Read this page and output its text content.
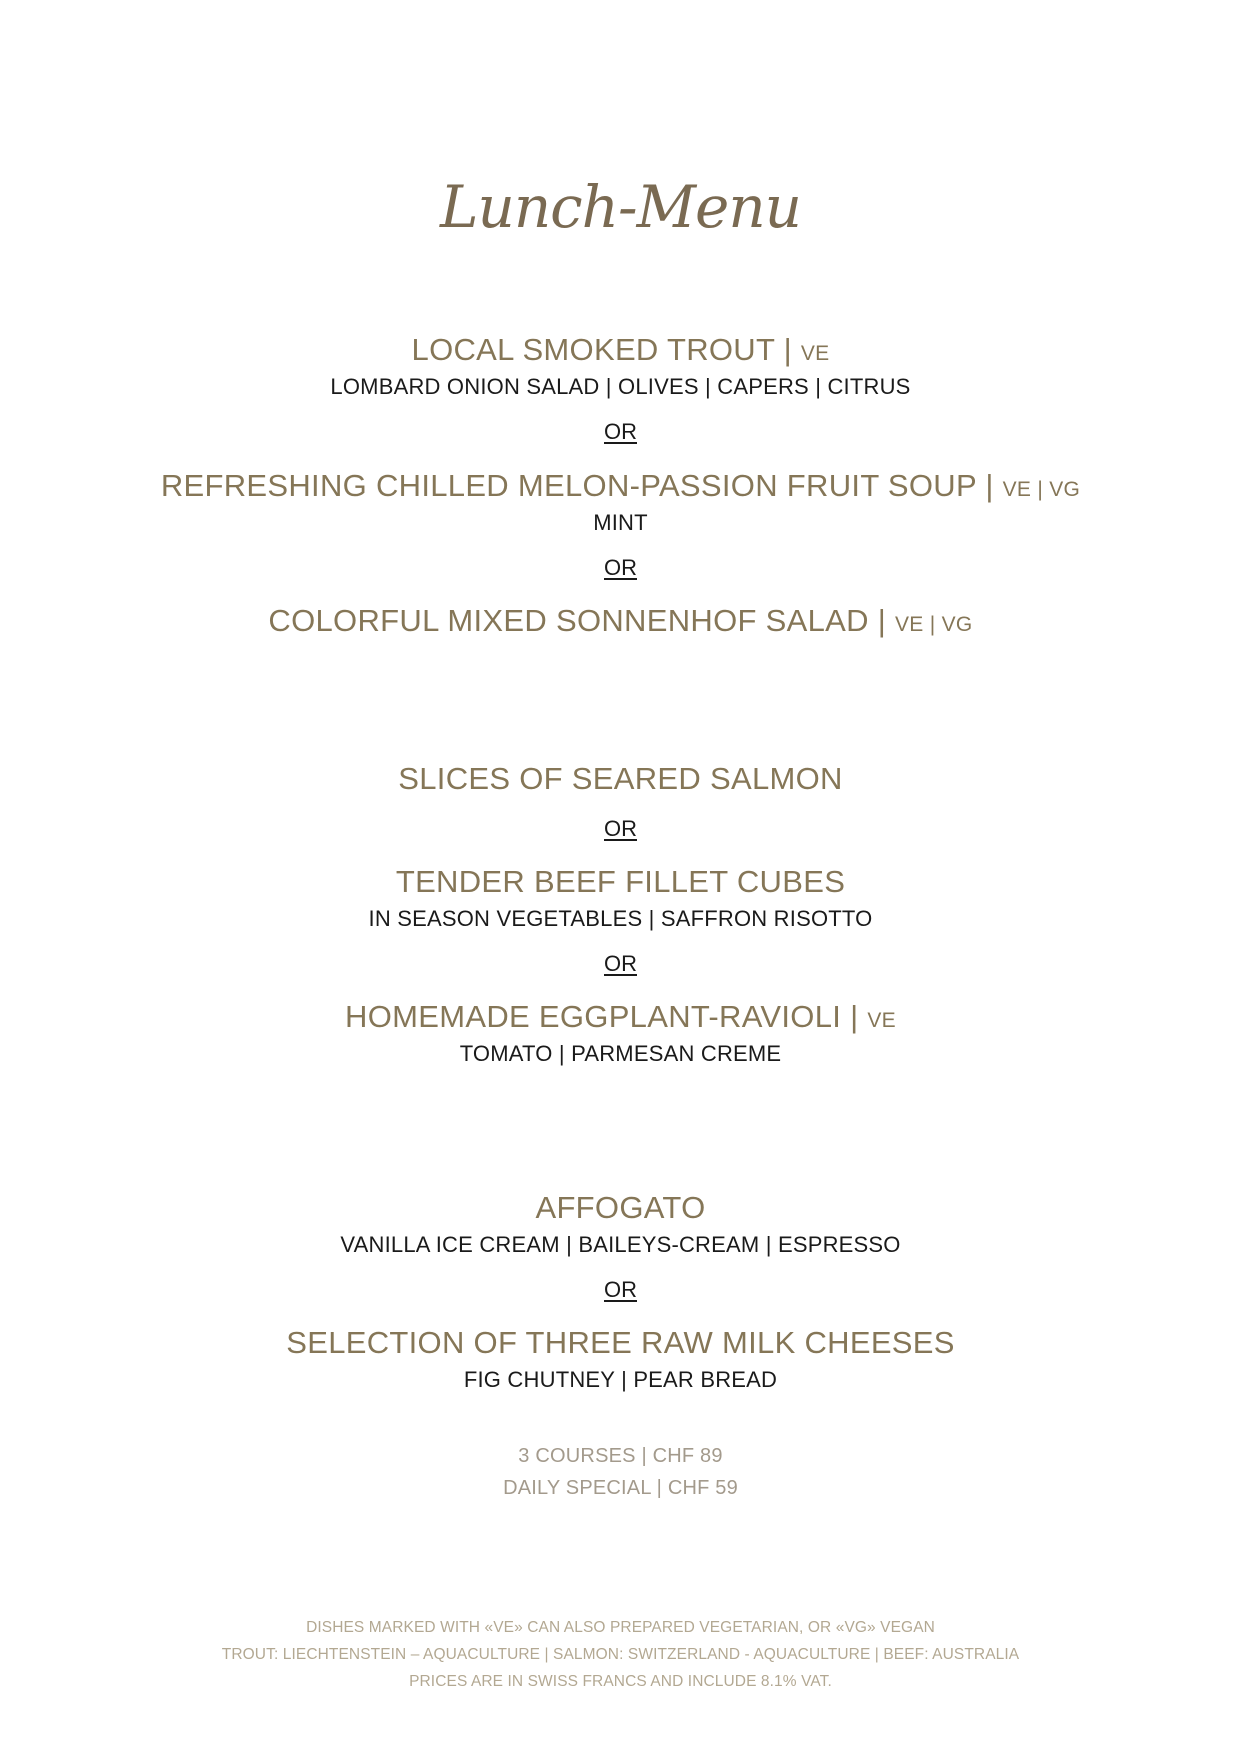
Lunch-Menu
LOCAL SMOKED TROUT | VE
LOMBARD ONION SALAD | OLIVES | CAPERS | CITRUS
OR
REFRESHING CHILLED MELON-PASSION FRUIT SOUP | VE | VG
MINT
OR
COLORFUL MIXED SONNENHOF SALAD | VE | VG
SLICES OF SEARED SALMON
OR
TENDER BEEF FILLET CUBES
IN SEASON VEGETABLES | SAFFRON RISOTTO
OR
HOMEMADE EGGPLANT-RAVIOLI | VE
TOMATO | PARMESAN CREME
AFFOGATO
VANILLA ICE CREAM | BAILEYS-CREAM | ESPRESSO
OR
SELECTION OF THREE RAW MILK CHEESES
FIG CHUTNEY | PEAR BREAD
3 COURSES | CHF 89
DAILY SPECIAL | CHF 59
DISHES MARKED WITH «VE» CAN ALSO PREPARED VEGETARIAN, OR «VG» VEGAN
TROUT: LIECHTENSTEIN – AQUACULTURE | SALMON: SWITZERLAND - AQUACULTURE | BEEF: AUSTRALIA
PRICES ARE IN SWISS FRANCS AND INCLUDE 8.1% VAT.
